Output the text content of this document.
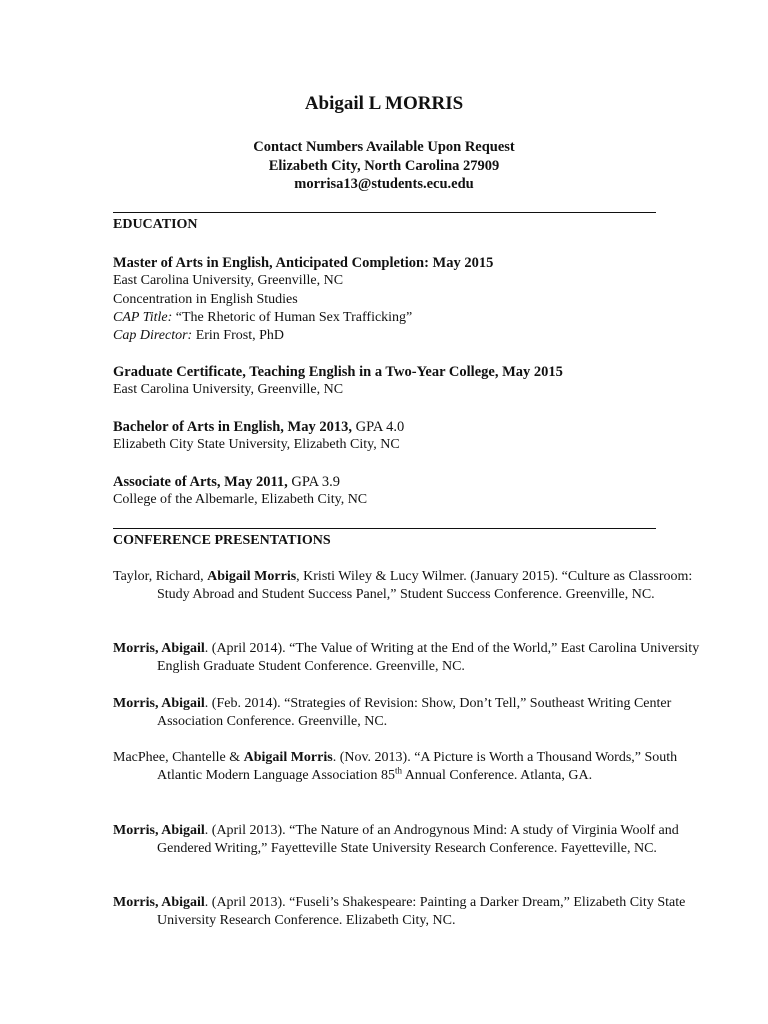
Abigail L MORRIS
Contact Numbers Available Upon Request
Elizabeth City, North Carolina 27909
morrisa13@students.ecu.edu
EDUCATION
Master of Arts in English, Anticipated Completion: May 2015
East Carolina University, Greenville, NC
Concentration in English Studies
CAP Title: “The Rhetoric of Human Sex Trafficking”
Cap Director: Erin Frost, PhD
Graduate Certificate, Teaching English in a Two-Year College, May 2015
East Carolina University, Greenville, NC
Bachelor of Arts in English, May 2013, GPA 4.0
Elizabeth City State University, Elizabeth City, NC
Associate of Arts, May 2011, GPA 3.9
College of the Albemarle, Elizabeth City, NC
CONFERENCE PRESENTATIONS
Taylor, Richard, Abigail Morris, Kristi Wiley & Lucy Wilmer. (January 2015). “Culture as Classroom: Study Abroad and Student Success Panel,” Student Success Conference. Greenville, NC.
Morris, Abigail. (April 2014). “The Value of Writing at the End of the World,” East Carolina University English Graduate Student Conference. Greenville, NC.
Morris, Abigail. (Feb. 2014). “Strategies of Revision: Show, Don’t Tell,” Southeast Writing Center Association Conference. Greenville, NC.
MacPhee, Chantelle & Abigail Morris. (Nov. 2013). “A Picture is Worth a Thousand Words,” South Atlantic Modern Language Association 85th Annual Conference. Atlanta, GA.
Morris, Abigail. (April 2013). “The Nature of an Androgynous Mind: A study of Virginia Woolf and Gendered Writing,” Fayetteville State University Research Conference. Fayetteville, NC.
Morris, Abigail. (April 2013). “Fuseli’s Shakespeare: Painting a Darker Dream,” Elizabeth City State University Research Conference. Elizabeth City, NC.
